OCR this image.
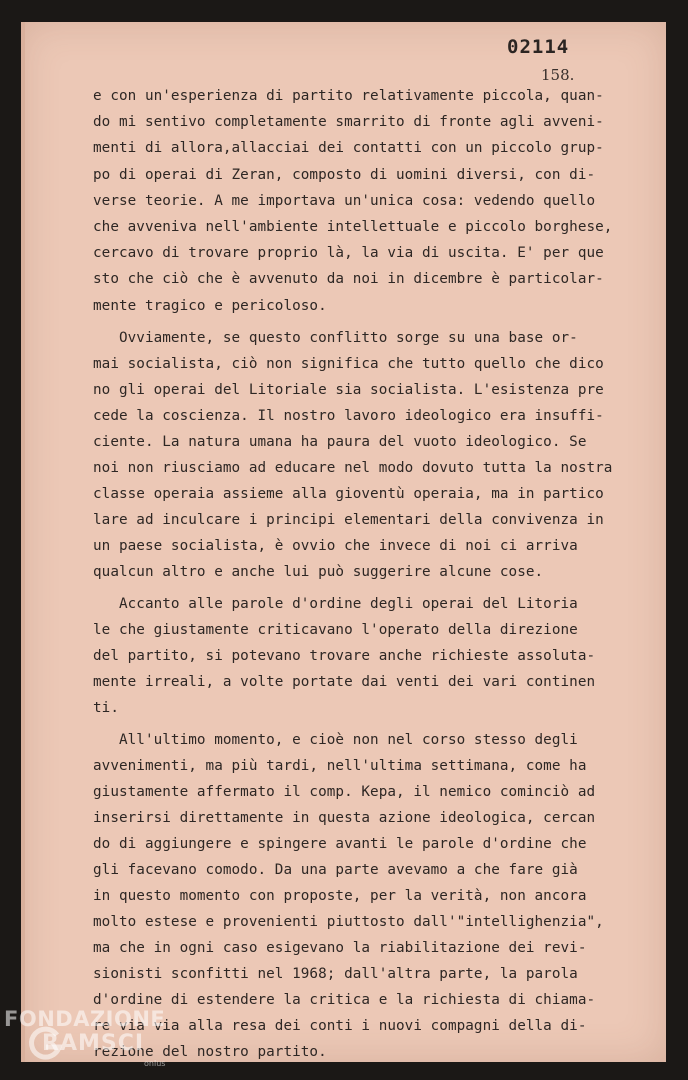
02114
158.
e con un'esperienza di partito relativamente piccola, quan-
do mi sentivo completamente smarrito di fronte agli avveni-
menti di allora,allacciai dei contatti con un piccolo grup-
po di operai di Zeran, composto di uomini diversi, con di-
verse teorie. A me importava un'unica cosa: vedendo quello
che avveniva nell'ambiente intellettuale e piccolo borghese,
cercavo di trovare proprio là, la via di uscita. E' per que
sto che ciò che è avvenuto da noi in dicembre è particolar-
mente tragico e pericoloso.
Ovviamente, se questo conflitto sorge su una base or-
mai socialista, ciò non significa che tutto quello che dico
no gli operai del Litoriale sia socialista. L'esistenza pre
cede la coscienza. Il nostro lavoro ideologico era insuffi-
ciente. La natura umana ha paura del vuoto ideologico. Se
noi non riusciamo ad educare nel modo dovuto tutta la nostra
classe operaia assieme alla gioventù operaia, ma in partico
lare ad inculcare i principi elementari della convivenza in
un paese socialista, è ovvio che invece di noi ci arriva
qualcun altro e anche lui può suggerire alcune cose.
Accanto alle parole d'ordine degli operai del Litoria
le che giustamente criticavano l'operato della direzione
del partito, si potevano trovare anche richieste assoluta-
mente irreali, a volte portate dai venti dei vari continen
ti.
All'ultimo momento, e cioè non nel corso stesso degli
avvenimenti, ma più tardi, nell'ultima settimana, come ha
giustamente affermato il comp. Kepa, il nemico cominciò ad
inserirsi direttamente in questa azione ideologica, cercan
do di aggiungere e spingere avanti le parole d'ordine che
gli facevano comodo. Da una parte avevamo a che fare già
in questo momento con proposte, per la verità, non ancora
molto estese e provenienti piuttosto dall'"intellighenzia",
ma che in ogni caso esigevano la riabilitazione dei revi-
sionisti sconfitti nel 1968; dall'altra parte, la parola
d'ordine di estendere la critica e la richiesta di chiama-
re via via alla resa dei conti i nuovi compagni della di-
rezione del nostro partito.
FONDAZIONE
RAMSCI
onlus
